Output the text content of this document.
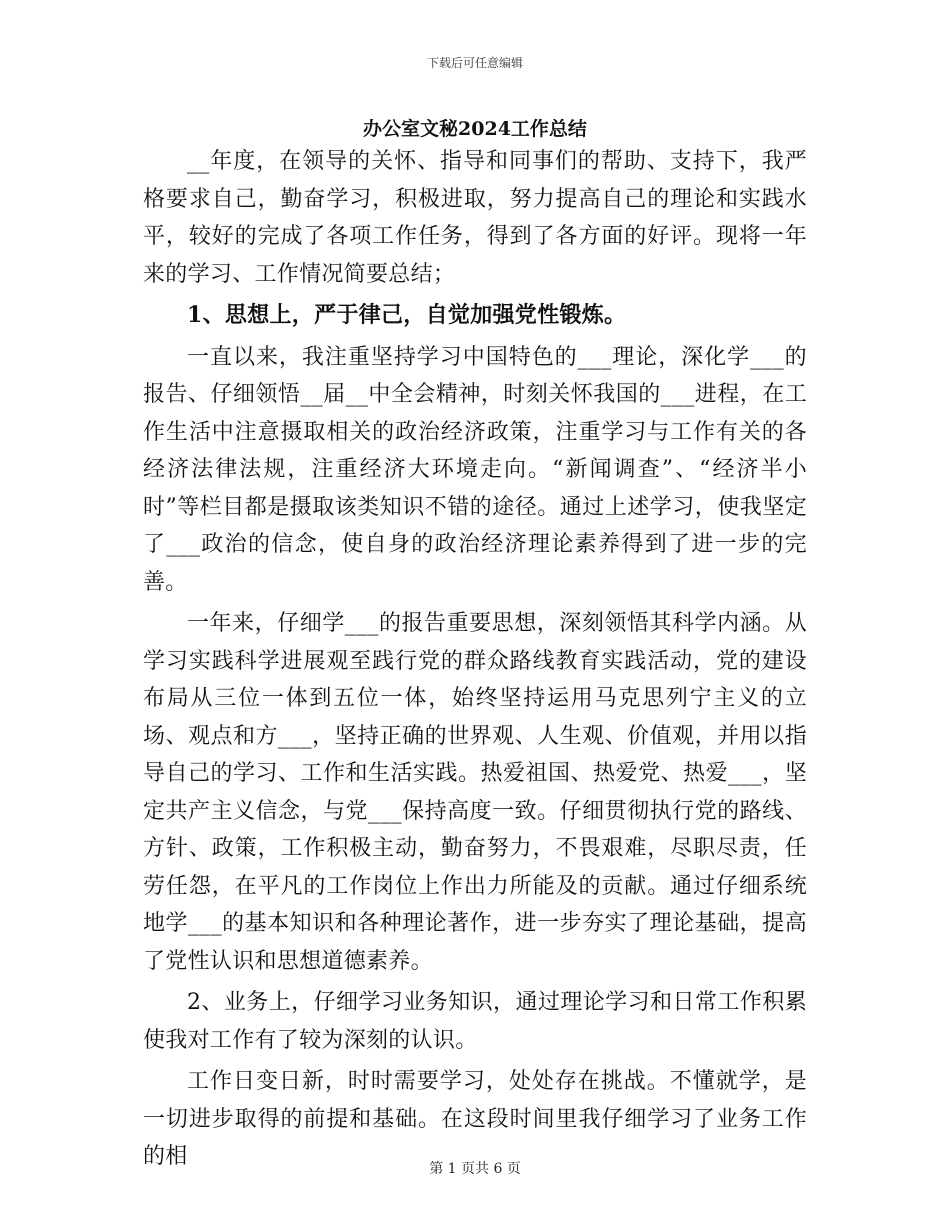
下载后可任意编辑
办公室文秘2024工作总结

__年度，在领导的关怀、指导和同事们的帮助、支持下，我严格要求自己，勤奋学习，积极进取，努力提高自己的理论和实践水平，较好的完成了各项工作任务，得到了各方面的好评。现将一年来的学习、工作情况简要总结；

1、思想上，严于律己，自觉加强党性锻炼。

一直以来，我注重坚持学习中国特色的___理论，深化学___的报告、仔细领悟__届__中全会精神，时刻关怀我国的___进程，在工作生活中注意摄取相关的政治经济政策，注重学习与工作有关的各经济法律法规，注重经济大环境走向。“新闻调查”、“经济半小时”等栏目都是摄取该类知识不错的途径。通过上述学习，使我坚定了___政治的信念，使自身的政治经济理论素养得到了进一步的完善。

一年来，仔细学___的报告重要思想，深刻领悟其科学内涵。从学习实践科学进展观至践行党的群众路线教育实践活动，党的建设布局从三位一体到五位一体，始终坚持运用马克思列宁主义的立场、观点和方___，坚持正确的世界观、人生观、价值观，并用以指导自己的学习、工作和生活实践。热爱祖国、热爱党、热爱___，坚定共产主义信念，与党___保持高度一致。仔细贯彻执行党的路线、方针、政策，工作积极主动，勤奋努力，不畏艰难，尽职尽责，任劳任怨，在平凡的工作岗位上作出力所能及的贡献。通过仔细系统地学___的基本知识和各种理论著作，进一步夯实了理论基础，提高了党性认识和思想道德素养。

2、业务上，仔细学习业务知识，通过理论学习和日常工作积累使我对工作有了较为深刻的认识。

工作日变日新，时时需要学习，处处存在挑战。不懂就学，是一切进步取得的前提和基础。在这段时间里我仔细学习了业务工作的相	第 1 页共 6 页
